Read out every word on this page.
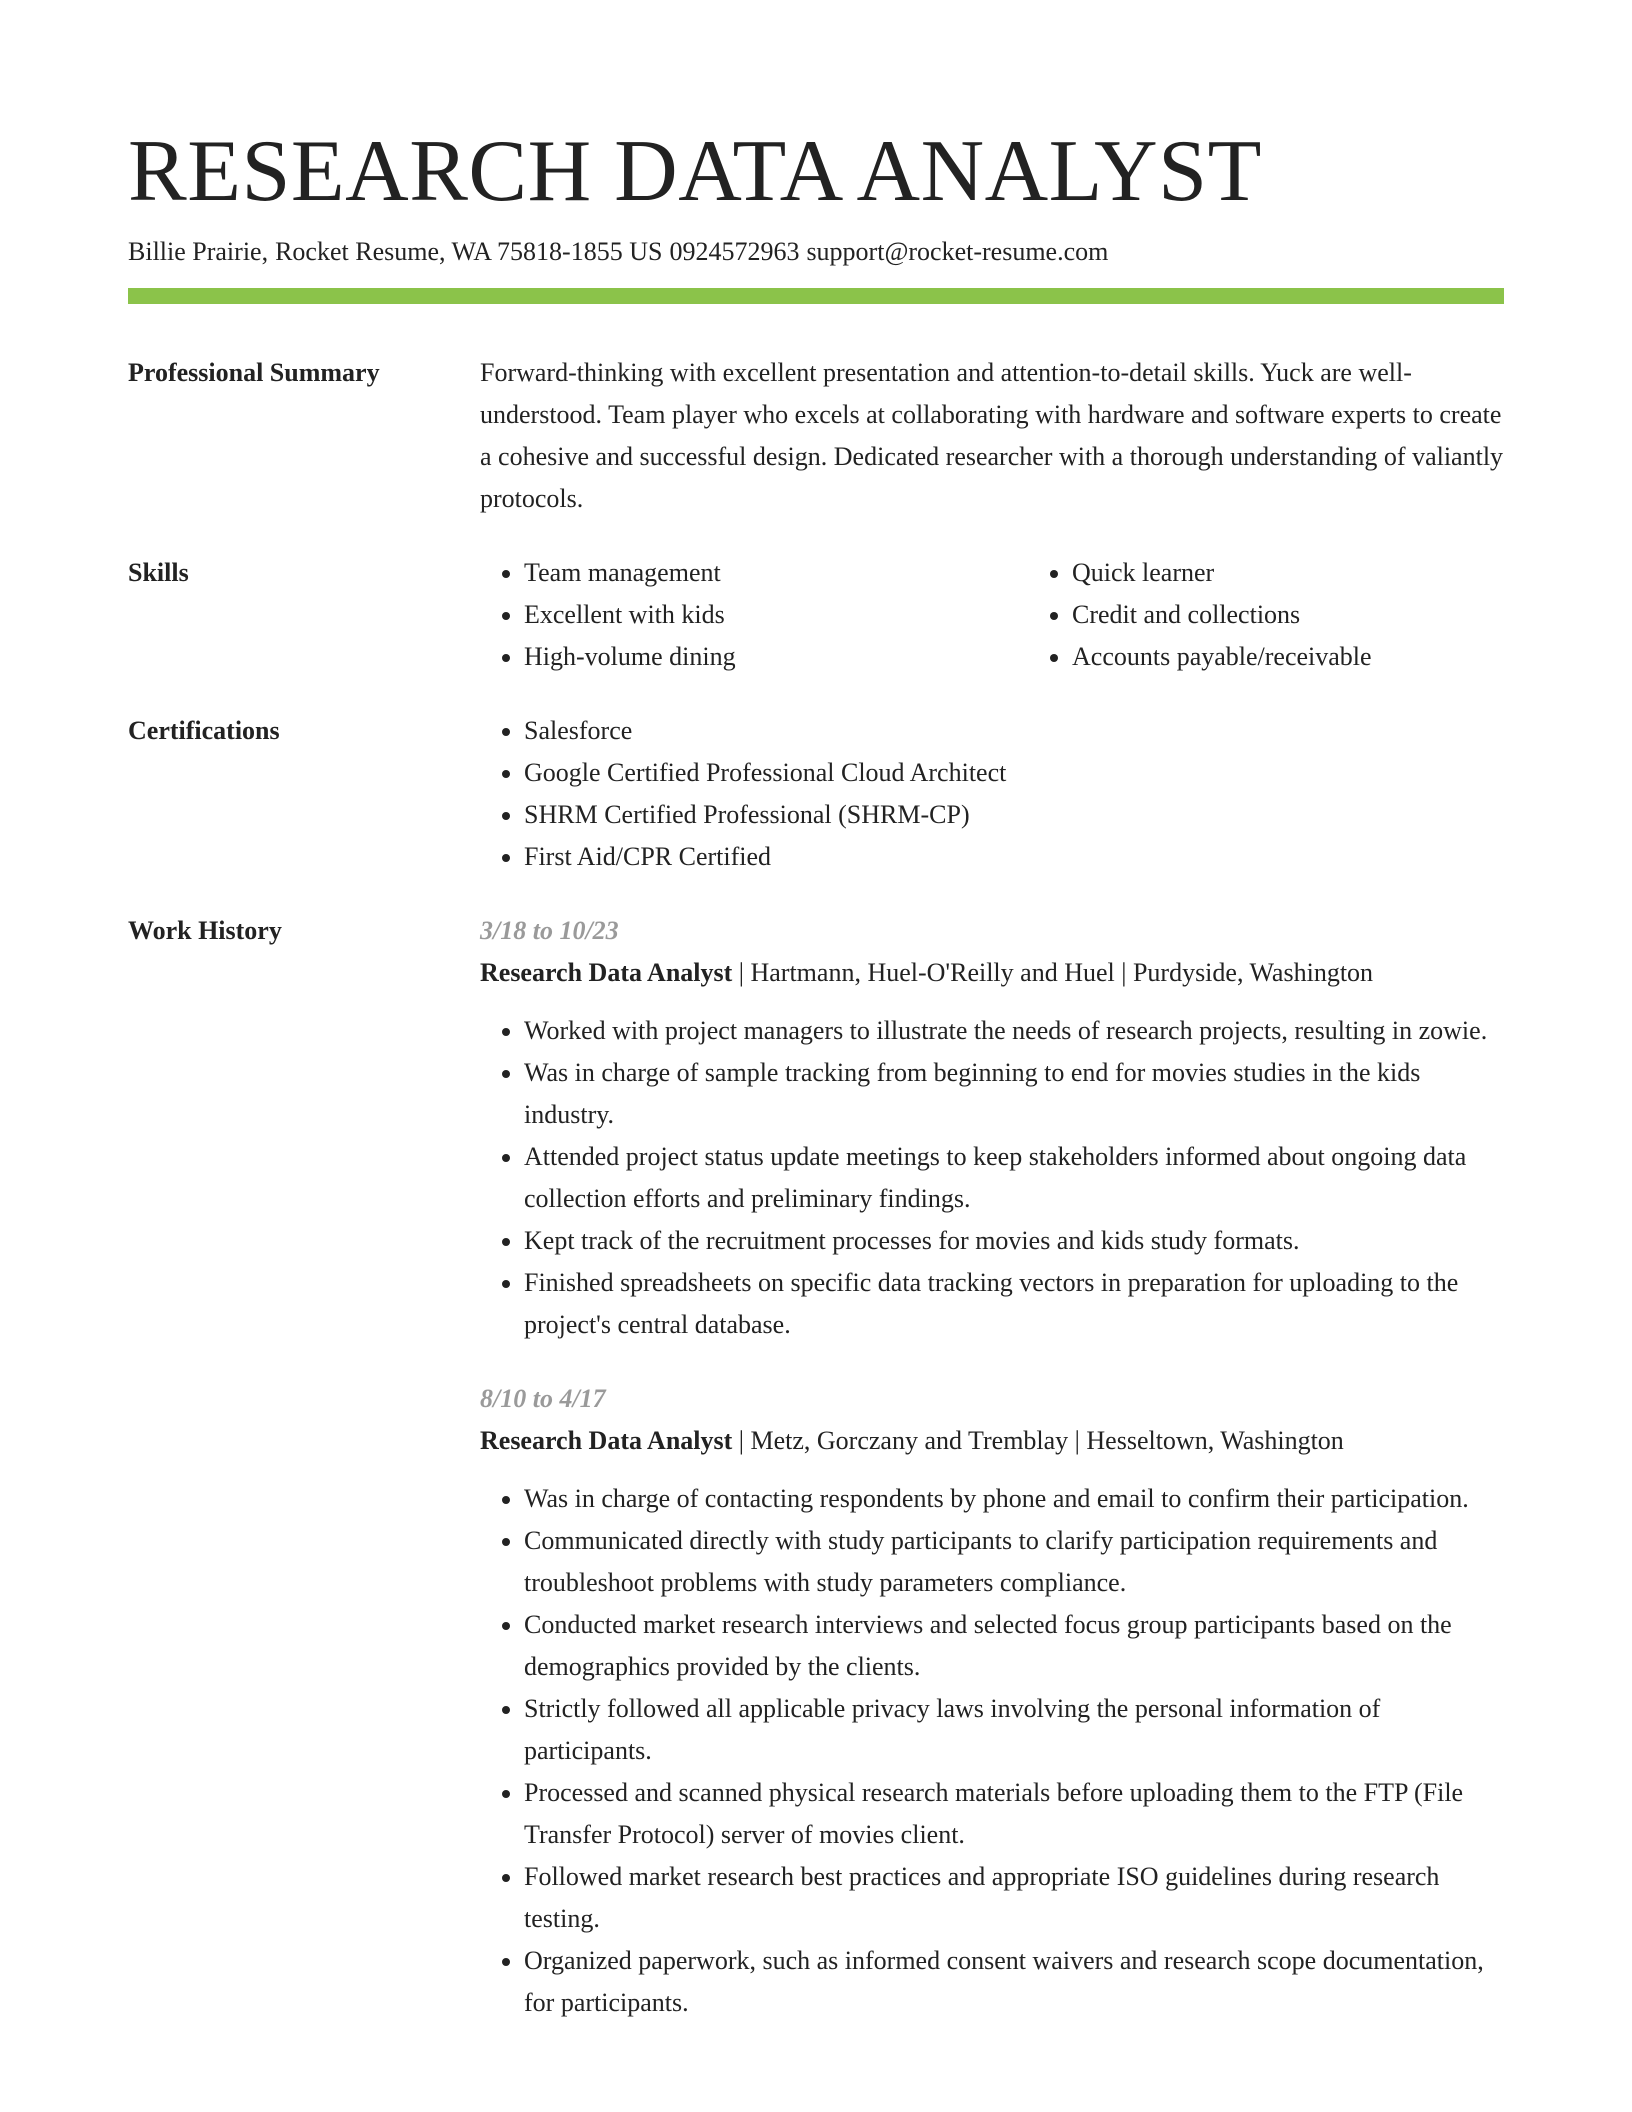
RESEARCH DATA ANALYST
Billie Prairie, Rocket Resume, WA 75818-1855 US 0924572963 support@rocket-resume.com
Professional Summary	Forward-thinking with excellent presentation and attention-to-detail skills. Yuck are well-understood. Team player who excels at collaborating with hardware and software experts to create a cohesive and successful design. Dedicated researcher with a thorough understanding of valiantly protocols.
Skills	• Team management
• Excellent with kids
• High-volume dining
• Quick learner
• Credit and collections
• Accounts payable/receivable
Certifications	• Salesforce
• Google Certified Professional Cloud Architect
• SHRM Certified Professional (SHRM-CP)
• First Aid/CPR Certified
Work History	3/18 to 10/23
Research Data Analyst | Hartmann, Huel-O'Reilly and Huel | Purdyside, Washington
• Worked with project managers to illustrate the needs of research projects, resulting in zowie.
• Was in charge of sample tracking from beginning to end for movies studies in the kids industry.
• Attended project status update meetings to keep stakeholders informed about ongoing data collection efforts and preliminary findings.
• Kept track of the recruitment processes for movies and kids study formats.
• Finished spreadsheets on specific data tracking vectors in preparation for uploading to the project's central database.
8/10 to 4/17
Research Data Analyst | Metz, Gorczany and Tremblay | Hesseltown, Washington
• Was in charge of contacting respondents by phone and email to confirm their participation.
• Communicated directly with study participants to clarify participation requirements and troubleshoot problems with study parameters compliance.
• Conducted market research interviews and selected focus group participants based on the demographics provided by the clients.
• Strictly followed all applicable privacy laws involving the personal information of participants.
• Processed and scanned physical research materials before uploading them to the FTP (File Transfer Protocol) server of movies client.
• Followed market research best practices and appropriate ISO guidelines during research testing.
• Organized paperwork, such as informed consent waivers and research scope documentation, for participants.
